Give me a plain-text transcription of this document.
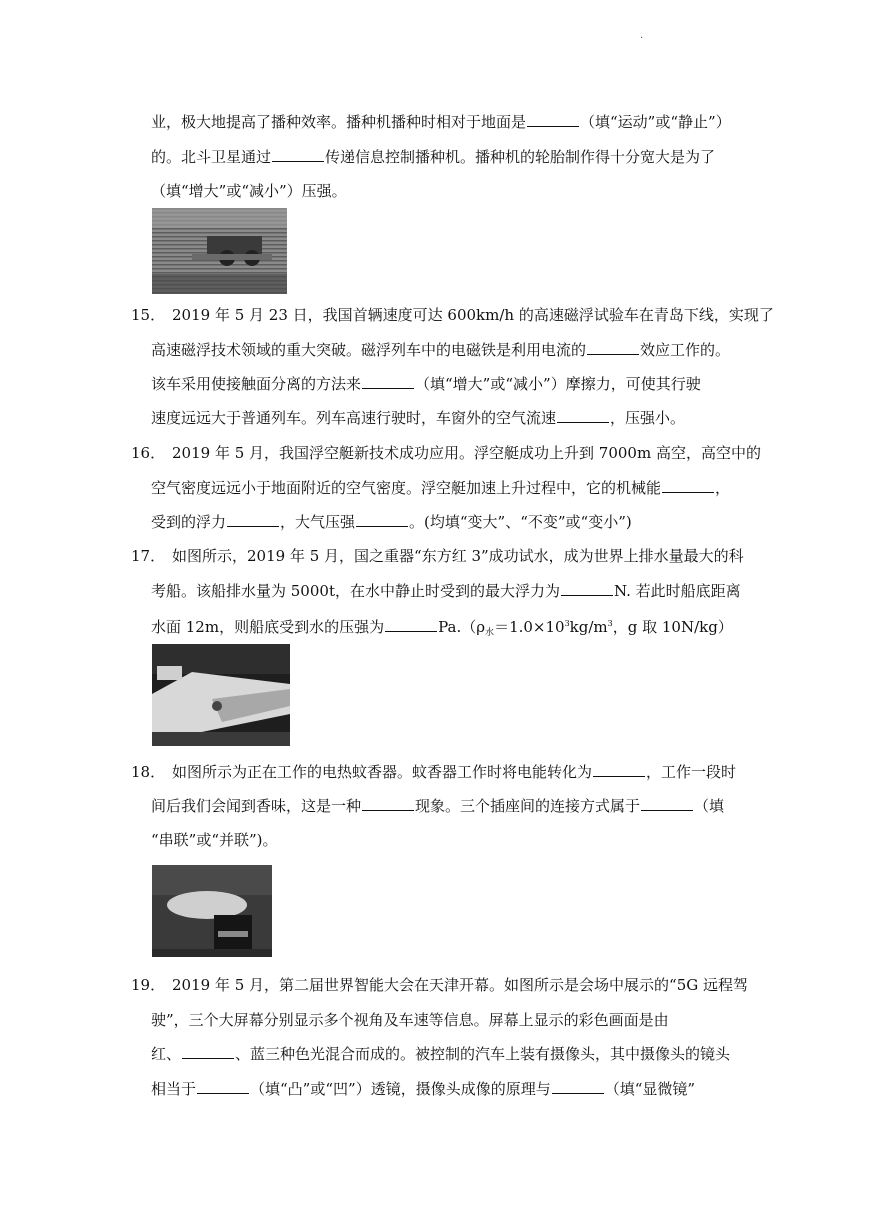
.
业，极大地提高了播种效率。播种机播种时相对于地面是	（填“运动”或“静止”）
的。北斗卫星通过	传递信息控制播种机。播种机的轮胎制作得十分宽大是为了
（填“增大”或“减小”）压强。
15． 2019 年 5 月 23 日，我国首辆速度可达 600km/h 的高速磁浮试验车在青岛下线，实现了
高速磁浮技术领域的重大突破。磁浮列车中的电磁铁是利用电流的	效应工作的。
该车采用使接触面分离的方法来	（填“增大”或“减小”）摩擦力，可使其行驶
速度远远大于普通列车。列车高速行驶时，车窗外的空气流速	，压强小。
16． 2019 年 5 月，我国浮空艇新技术成功应用。浮空艇成功上升到 7000m 高空，高空中的
空气密度远远小于地面附近的空气密度。浮空艇加速上升过程中，它的机械能	，
受到的浮力	，大气压强	。(均填“变大”、“不变”或“变小”)
17． 如图所示，2019 年 5 月，国之重器“东方红 3”成功试水，成为世界上排水量最大的科
考船。该船排水量为 5000t，在水中静止时受到的最大浮力为	N. 若此时船底距离
水面 12m，则船底受到水的压强为	$Pa.(\rho_水=1.0\times 10^3kg/m^3$，g 取 10N/kg）
18． 如图所示为正在工作的电热蚊香器。蚊香器工作时将电能转化为	，工作一段时
间后我们会闻到香味，这是一种	现象。三个插座间的连接方式属于	（填
“串联”或“并联”)。
19． 2019 年 5 月，第二届世界智能大会在天津开幕。如图所示是会场中展示的“5G 远程驾
驶”，三个大屏幕分别显示多个视角及车速等信息。屏幕上显示的彩色画面是由
红、	、蓝三种色光混合而成的。被控制的汽车上装有摄像头，其中摄像头的镜头
相当于	（填“凸”或“凹”）透镜，摄像头成像的原理与	（填“显微镜”
